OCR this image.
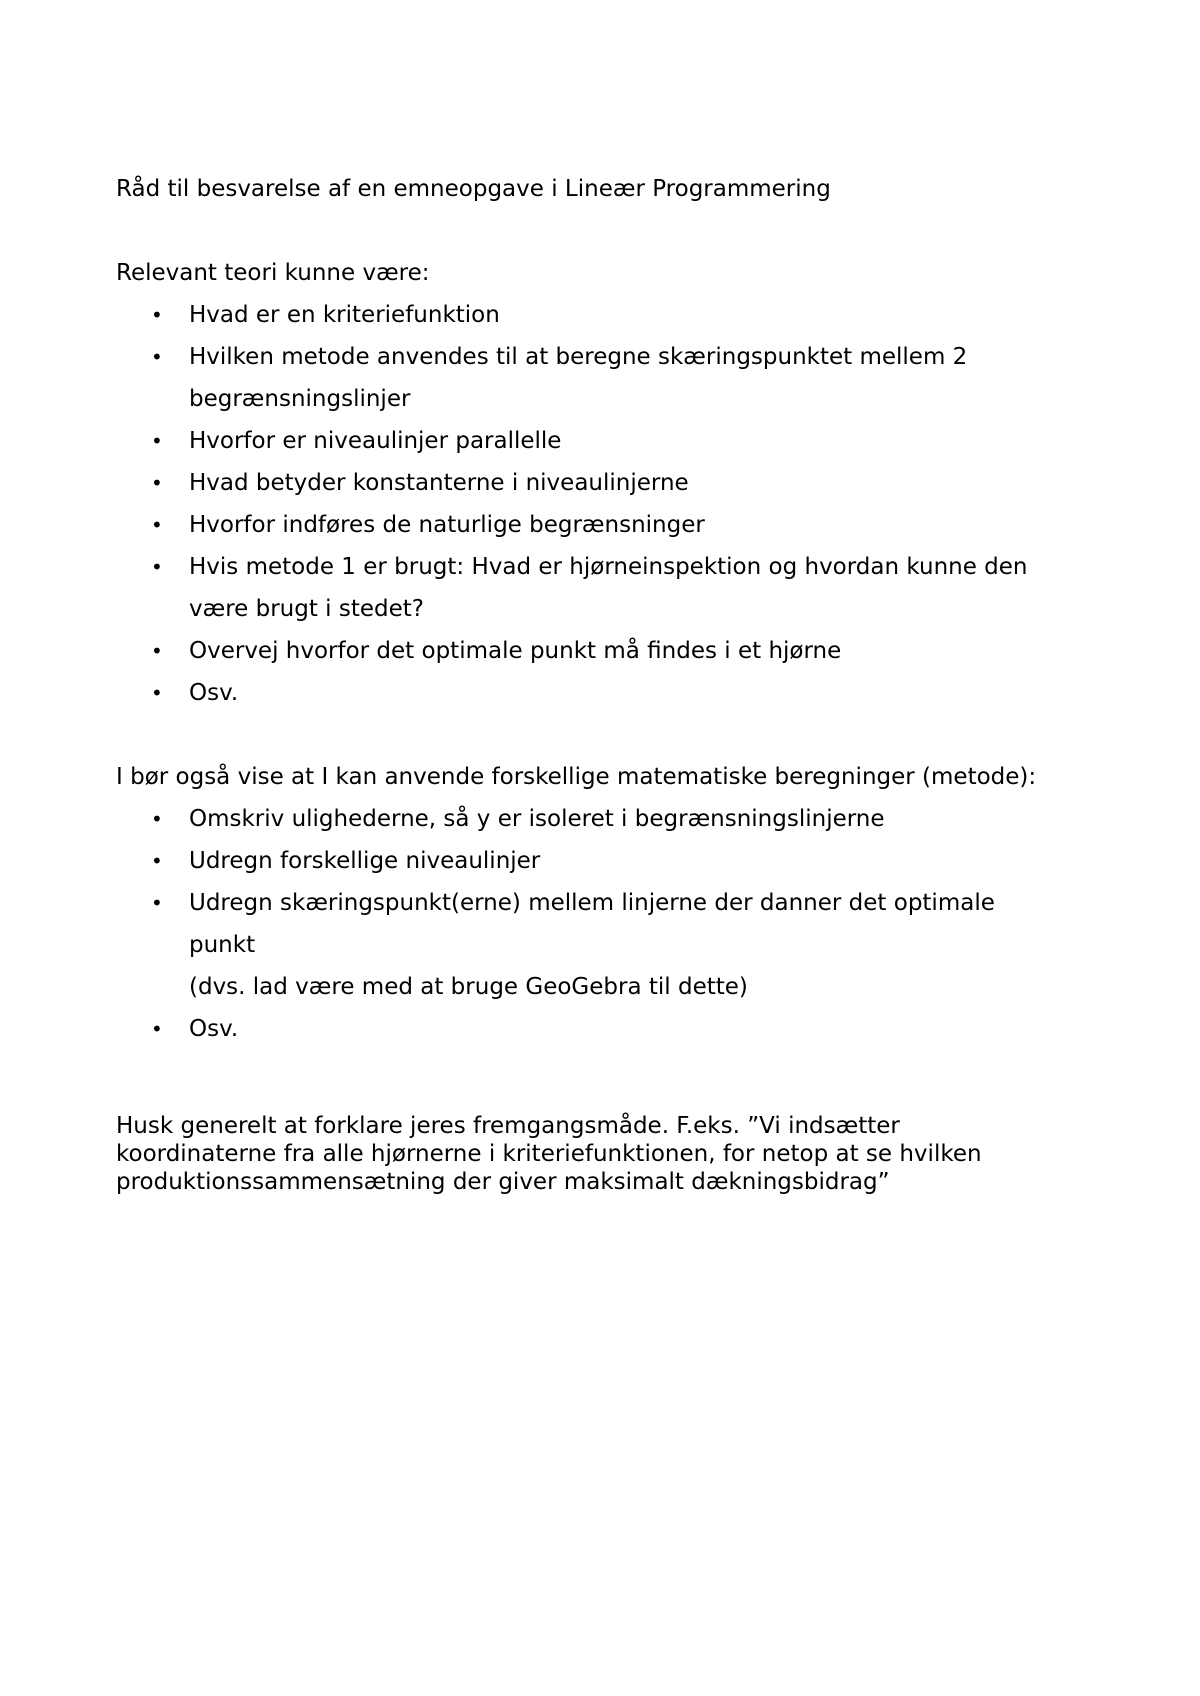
Råd til besvarelse af en emneopgave i Lineær Programmering

Relevant teori kunne være:

• Hvad er en kriteriefunktion
• Hvilken metode anvendes til at beregne skæringspunktet mellem 2
begrænsningslinjer
• Hvorfor er niveaulinjer parallelle
• Hvad betyder konstanterne i niveaulinjerne
• Hvorfor indføres de naturlige begrænsninger
• Hvis metode 1 er brugt: Hvad er hjørneinspektion og hvordan kunne den
være brugt i stedet?
• Overvej hvorfor det optimale punkt må findes i et hjørne
• Osv.

I bør også vise at I kan anvende forskellige matematiske beregninger (metode):

• Omskriv ulighederne, så y er isoleret i begrænsningslinjerne
• Udregn forskellige niveaulinjer
• Udregn skæringspunkt(erne) mellem linjerne der danner det optimale
punkt
(dvs. lad være med at bruge GeoGebra til dette)
• Osv.

Husk generelt at forklare jeres fremgangsmåde. F.eks. ”Vi indsætter
koordinaterne fra alle hjørnerne i kriteriefunktionen, for netop at se hvilken
produktionssammensætning der giver maksimalt dækningsbidrag”
